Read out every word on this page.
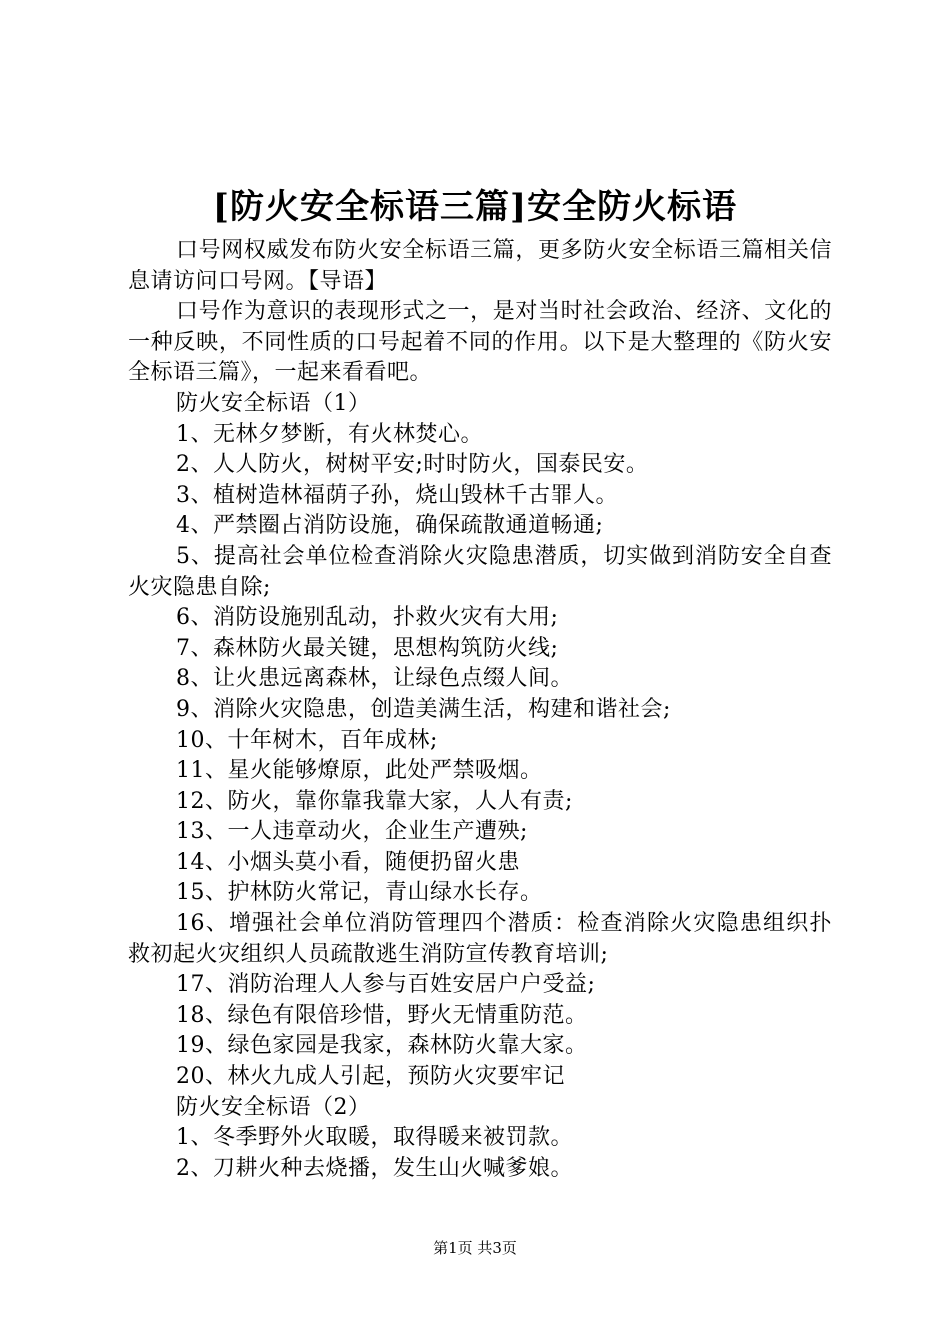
[防火安全标语三篇]安全防火标语

口号网权威发布防火安全标语三篇，更多防火安全标语三篇相关信息请访问口号网。【导语】

口号作为意识的表现形式之一，是对当时社会政治、经济、文化的一种反映，不同性质的口号起着不同的作用。以下是大整理的《防火安全标语三篇》，一起来看看吧。

防火安全标语（1）

1、无林夕梦断，有火林焚心。

2、人人防火，树树平安;时时防火，国泰民安。

3、植树造林福荫子孙，烧山毁林千古罪人。

4、严禁圈占消防设施，确保疏散通道畅通;

5、提高社会单位检查消除火灾隐患潜质，切实做到消防安全自查火灾隐患自除;

6、消防设施别乱动，扑救火灾有大用;

7、森林防火最关键，思想构筑防火线;

8、让火患远离森林，让绿色点缀人间。

9、消除火灾隐患，创造美满生活，构建和谐社会;

10、十年树木，百年成林;

11、星火能够燎原，此处严禁吸烟。

12、防火，靠你靠我靠大家，人人有责;

13、一人违章动火，企业生产遭殃;

14、小烟头莫小看，随便扔留火患

15、护林防火常记，青山绿水长存。

16、增强社会单位消防管理四个潜质：检查消除火灾隐患组织扑救初起火灾组织人员疏散逃生消防宣传教育培训;

17、消防治理人人参与百姓安居户户受益;

18、绿色有限倍珍惜，野火无情重防范。

19、绿色家园是我家，森林防火靠大家。

20、林火九成人引起，预防火灾要牢记

防火安全标语（2）

1、冬季野外火取暖，取得暖来被罚款。

2、刀耕火种去烧播，发生山火喊爹娘。

第1页 共3页
